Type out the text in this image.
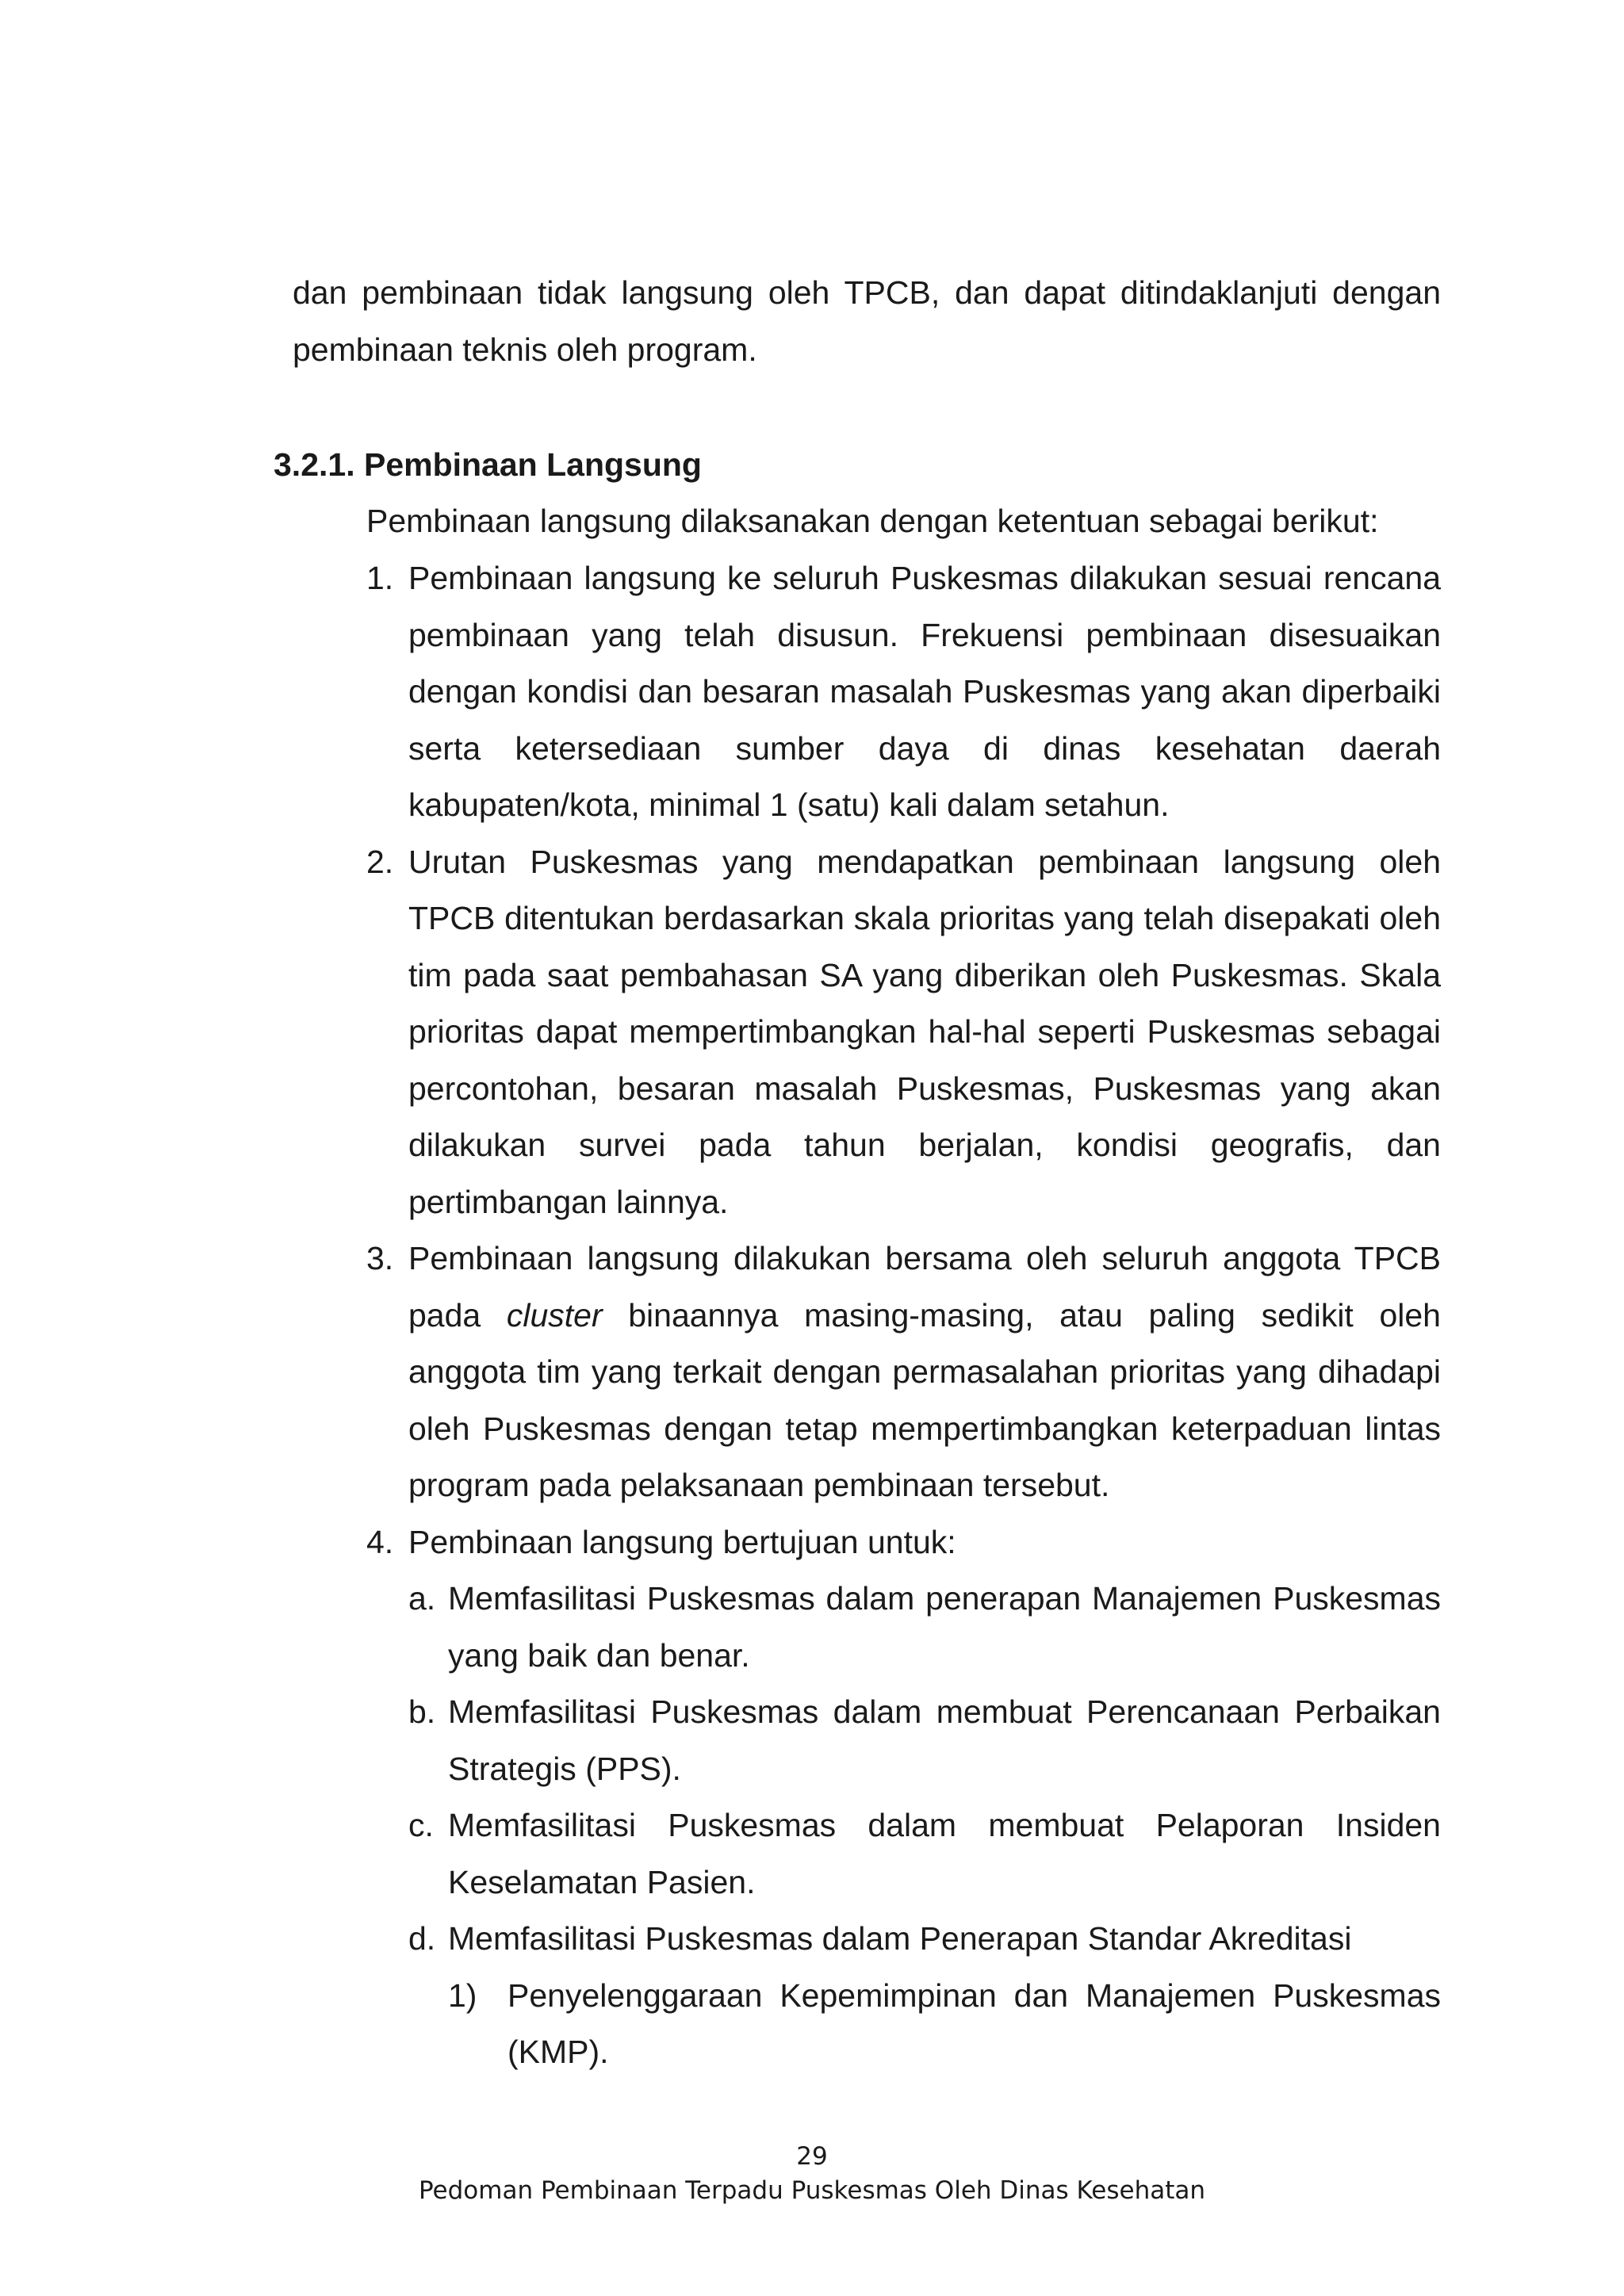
dan pembinaan tidak langsung oleh TPCB, dan dapat ditindaklanjuti dengan pembinaan teknis oleh program.

3.2.1. Pembinaan Langsung

Pembinaan langsung dilaksanakan dengan ketentuan sebagai berikut:

1. Pembinaan langsung ke seluruh Puskesmas dilakukan sesuai rencana pembinaan yang telah disusun. Frekuensi pembinaan disesuaikan dengan kondisi dan besaran masalah Puskesmas yang akan diperbaiki serta ketersediaan sumber daya di dinas kesehatan daerah kabupaten/kota, minimal 1 (satu) kali dalam setahun.

2. Urutan Puskesmas yang mendapatkan pembinaan langsung oleh TPCB ditentukan berdasarkan skala prioritas yang telah disepakati oleh tim pada saat pembahasan SA yang diberikan oleh Puskesmas. Skala prioritas dapat mempertimbangkan hal-hal seperti Puskesmas sebagai percontohan, besaran masalah Puskesmas, Puskesmas yang akan dilakukan survei pada tahun berjalan, kondisi geografis, dan pertimbangan lainnya.

3. Pembinaan langsung dilakukan bersama oleh seluruh anggota TPCB pada cluster binaannya masing-masing, atau paling sedikit oleh anggota tim yang terkait dengan permasalahan prioritas yang dihadapi oleh Puskesmas dengan tetap mempertimbangkan keterpaduan lintas program pada pelaksanaan pembinaan tersebut.

4. Pembinaan langsung bertujuan untuk:

a. Memfasilitasi Puskesmas dalam penerapan Manajemen Puskesmas yang baik dan benar.

b. Memfasilitasi Puskesmas dalam membuat Perencanaan Perbaikan Strategis (PPS).

c. Memfasilitasi Puskesmas dalam membuat Pelaporan Insiden Keselamatan Pasien.

d. Memfasilitasi Puskesmas dalam Penerapan Standar Akreditasi

1) Penyelenggaraan Kepemimpinan dan Manajemen Puskesmas (KMP).

29
Pedoman Pembinaan Terpadu Puskesmas Oleh Dinas Kesehatan
